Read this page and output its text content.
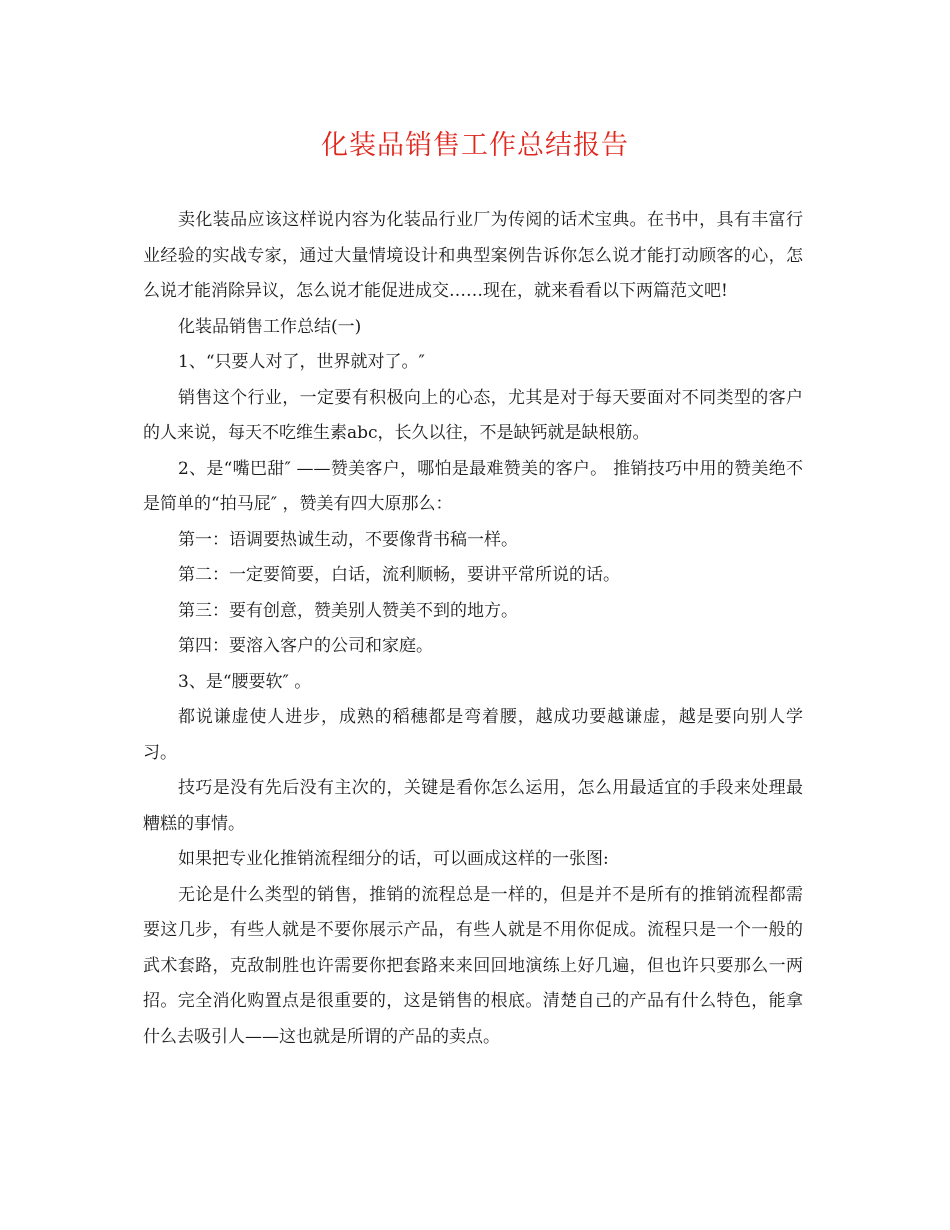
化装品销售工作总结报告

卖化装品应该这样说内容为化装品行业厂为传阅的话术宝典。在书中，具有丰富行业经验的实战专家，通过大量情境设计和典型案例告诉你怎么说才能打动顾客的心，怎么说才能消除异议，怎么说才能促进成交……现在，就来看看以下两篇范文吧!

化装品销售工作总结(一)

1、“只要人对了，世界就对了。″

销售这个行业，一定要有积极向上的心态，尤其是对于每天要面对不同类型的客户的人来说，每天不吃维生素abc，长久以往，不是缺钙就是缺根筋。

2、是“嘴巴甜″ ——赞美客户，哪怕是最难赞美的客户。 推销技巧中用的赞美绝不是简单的“拍马屁″ ，赞美有四大原那么：

第一：语调要热诚生动，不要像背书稿一样。

第二：一定要简要，白话，流利顺畅，要讲平常所说的话。

第三：要有创意，赞美别人赞美不到的地方。

第四：要溶入客户的公司和家庭。

3、是“腰要软″ 。

都说谦虚使人进步，成熟的稻穗都是弯着腰，越成功要越谦虚，越是要向别人学习。

技巧是没有先后没有主次的，关键是看你怎么运用，怎么用最适宜的手段来处理最糟糕的事情。

如果把专业化推销流程细分的话，可以画成这样的一张图:

无论是什么类型的销售，推销的流程总是一样的，但是并不是所有的推销流程都需要这几步，有些人就是不要你展示产品，有些人就是不用你促成。流程只是一个一般的武术套路，克敌制胜也许需要你把套路来来回回地演练上好几遍，但也许只要那么一两招。完全消化购置点是很重要的，这是销售的根底。清楚自己的产品有什么特色，能拿什么去吸引人——这也就是所谓的产品的卖点。
